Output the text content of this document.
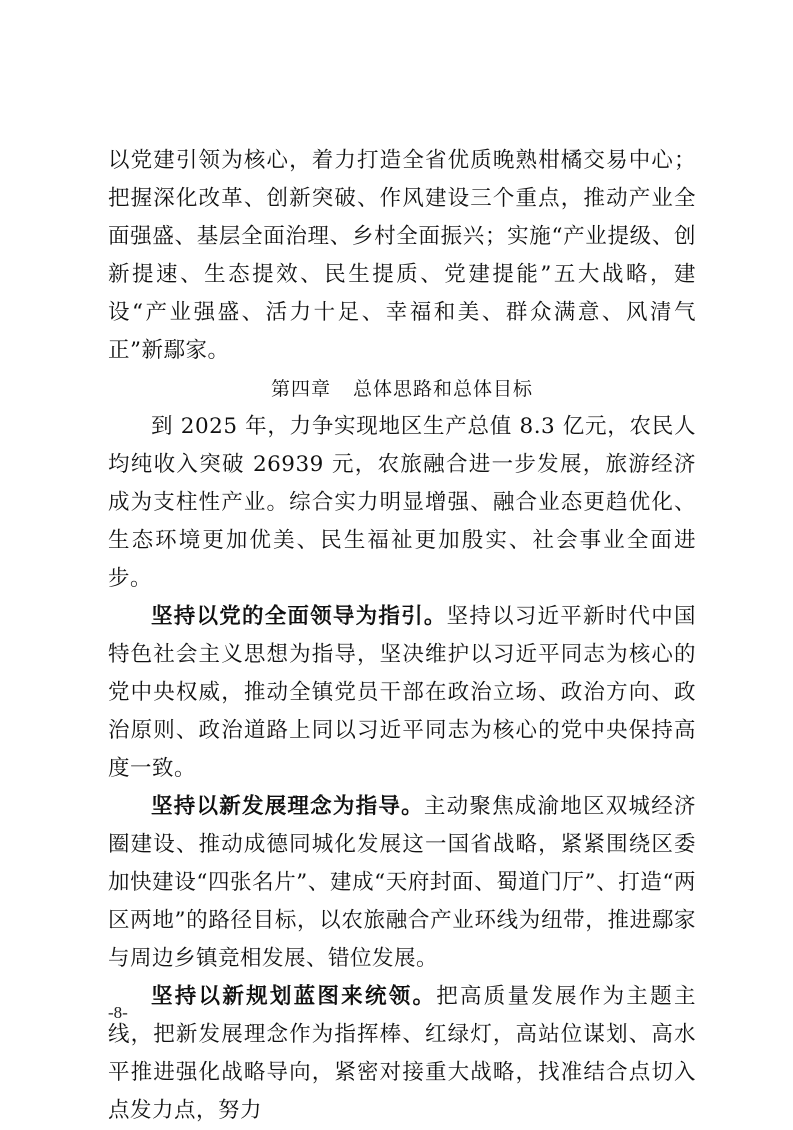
以党建引领为核心，着力打造全省优质晚熟柑橘交易中心；把握深化改革、创新突破、作风建设三个重点，推动产业全面强盛、基层全面治理、乡村全面振兴；实施“产业提级、创新提速、生态提效、民生提质、党建提能”五大战略，建设“产业强盛、活力十足、幸福和美、群众满意、风清气正”新鄢家。

第四章 总体思路和总体目标

到 2025 年，力争实现地区生产总值 8.3 亿元，农民人均纯收入突破 26939 元，农旅融合进一步发展，旅游经济成为支柱性产业。综合实力明显增强、融合业态更趋优化、生态环境更加优美、民生福祉更加殷实、社会事业全面进步。

坚持以党的全面领导为指引。坚持以习近平新时代中国特色社会主义思想为指导，坚决维护以习近平同志为核心的党中央权威，推动全镇党员干部在政治立场、政治方向、政治原则、政治道路上同以习近平同志为核心的党中央保持高度一致。

坚持以新发展理念为指导。主动聚焦成渝地区双城经济圈建设、推动成德同城化发展这一国省战略，紧紧围绕区委加快建设“四张名片”、建成“天府封面、蜀道门厅”、打造“两区两地”的路径目标，以农旅融合产业环线为纽带，推进鄢家与周边乡镇竞相发展、错位发展。

坚持以新规划蓝图来统领。把高质量发展作为主题主线，把新发展理念作为指挥棒、红绿灯，高站位谋划、高水平推进强化战略导向，紧密对接重大战略，找准结合点切入点发力点，努力

-8-
